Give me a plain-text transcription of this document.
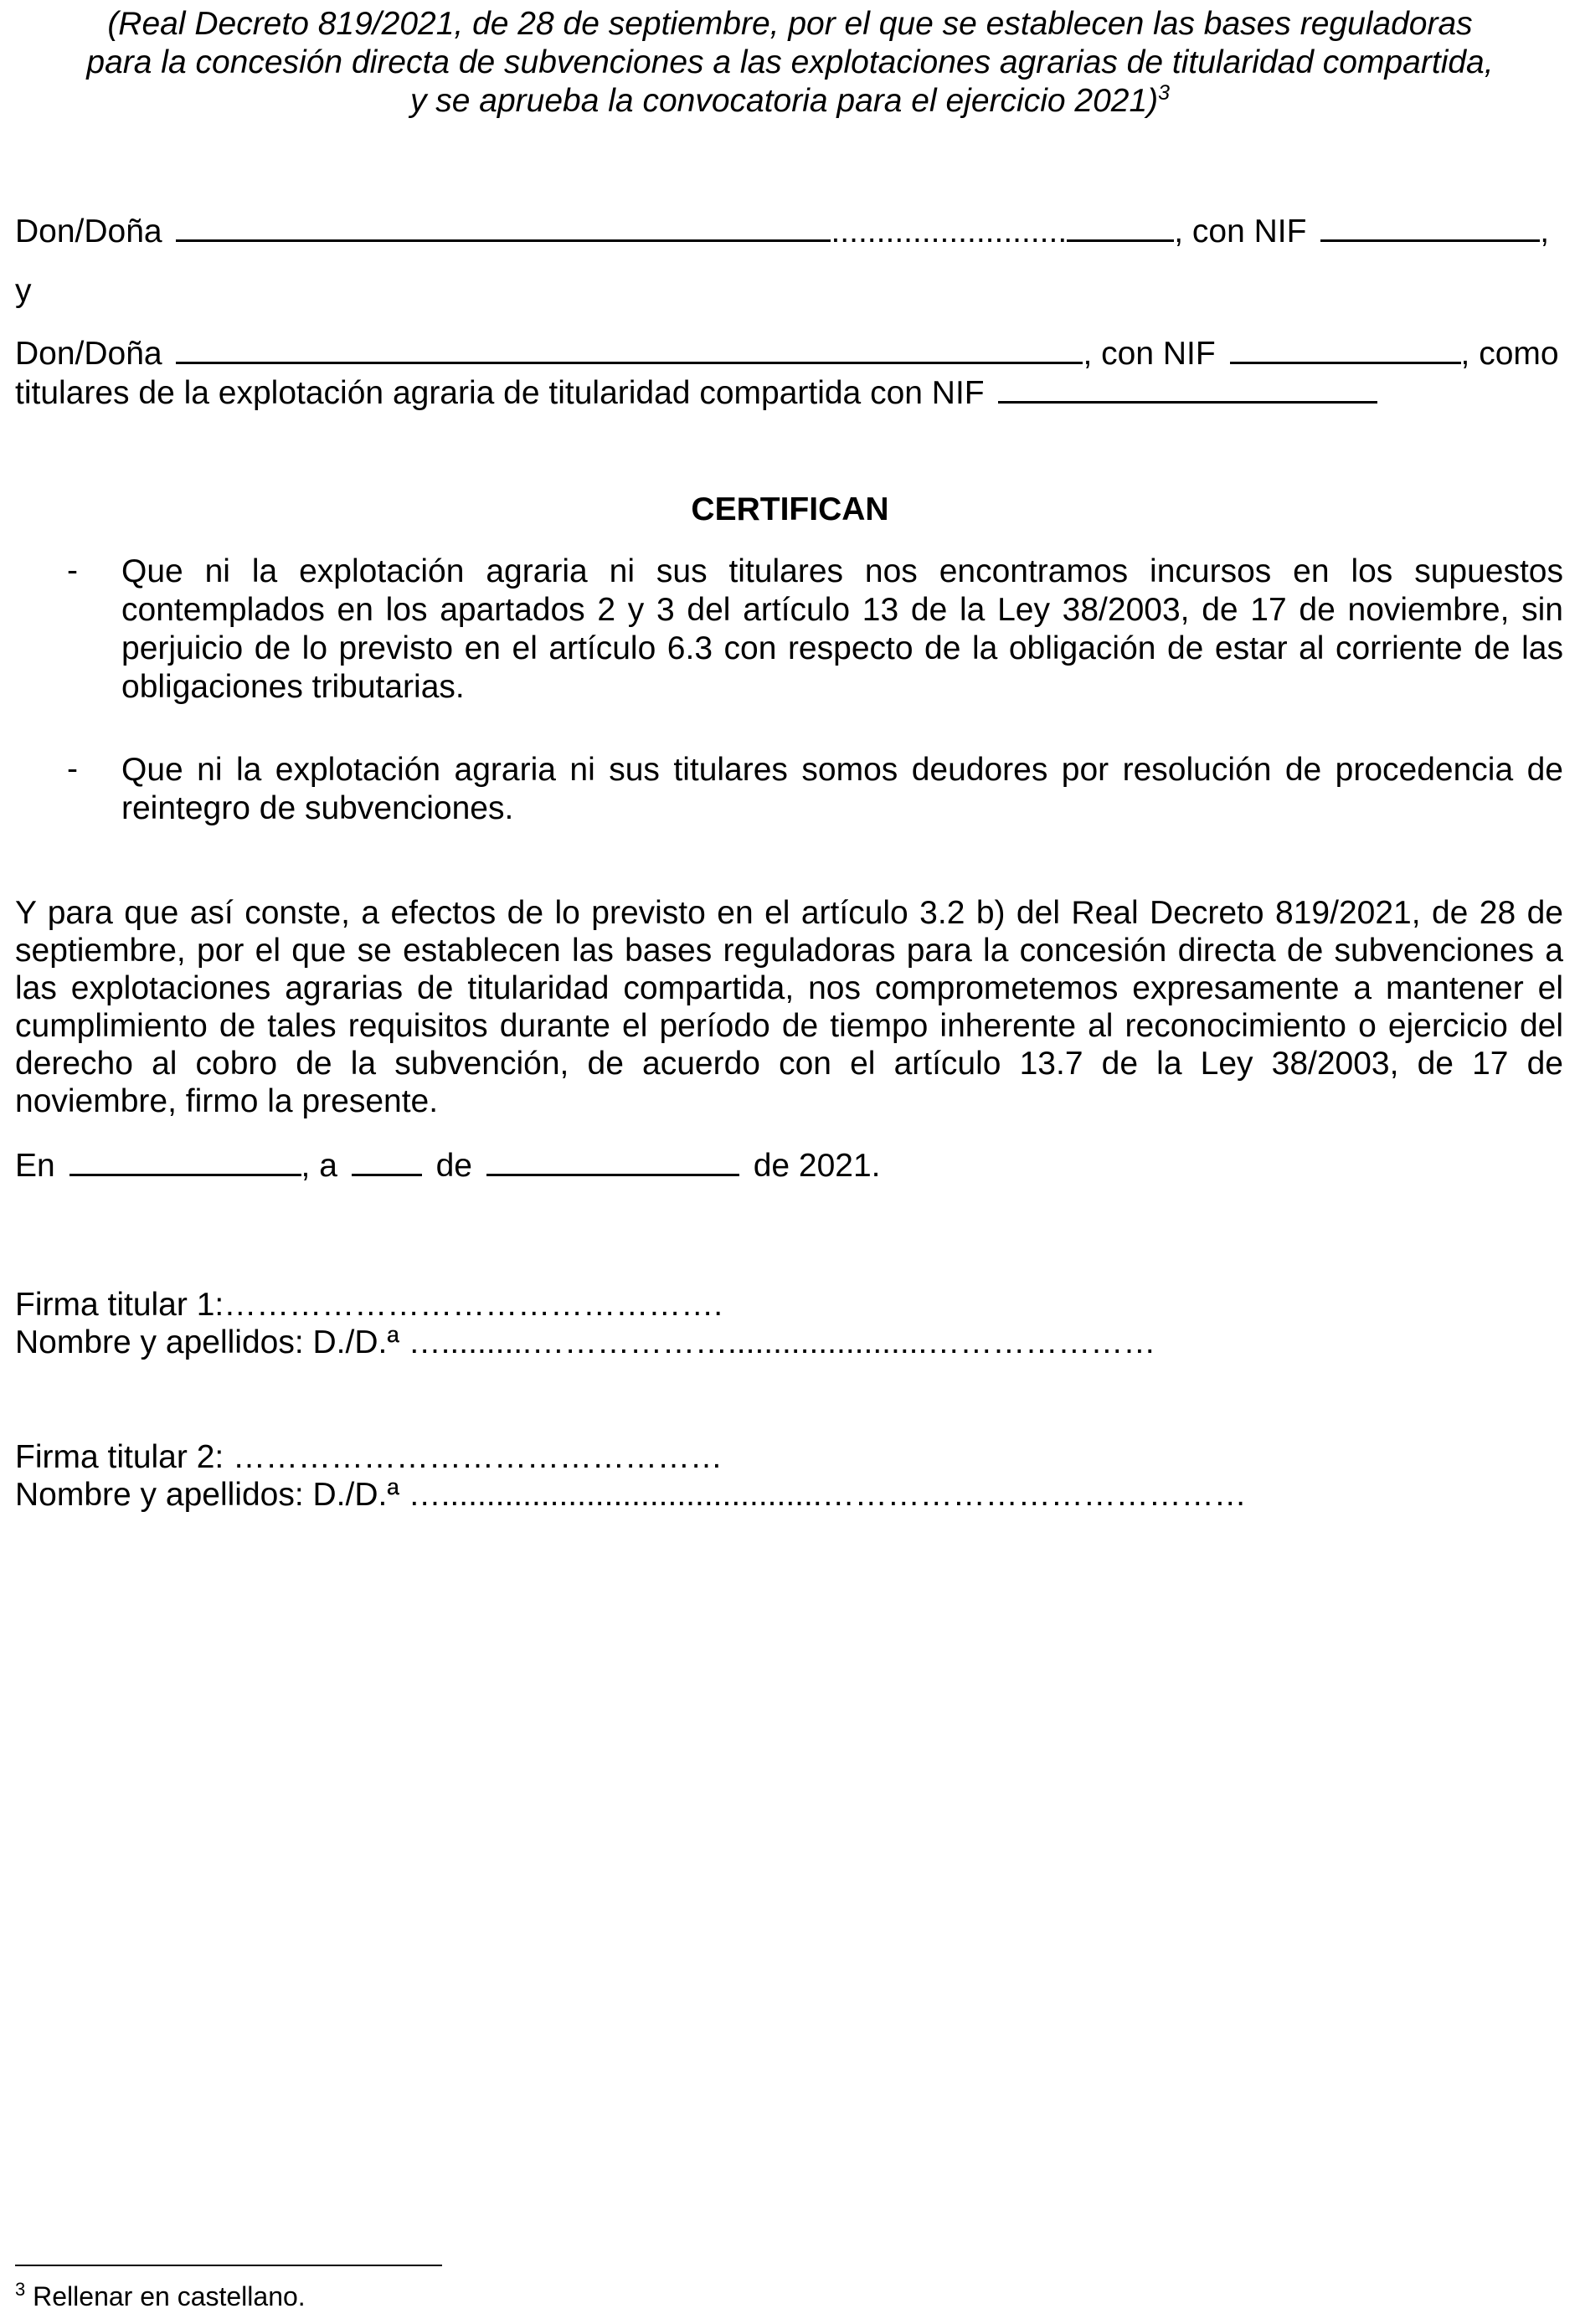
(Real Decreto 819/2021, de 28 de septiembre, por el que se establecen las bases reguladoras
para la concesión directa de subvenciones a las explotaciones agrarias de titularidad compartida,
y se aprueba la convocatoria para el ejercicio 2021)$^3$
Don/Doña	..........................	, con NIF	,
y
Don/Doña	, con NIF	, como
titulares de la explotación agraria de titularidad compartida con NIF
CERTIFICAN
- Que ni la explotación agraria ni sus titulares nos encontramos incursos en los supuestos contemplados en los apartados 2 y 3 del artículo 13 de la Ley 38/2003, de 17 de noviembre, sin perjuicio de lo previsto en el artículo 6.3 con respecto de la obligación de estar al corriente de las obligaciones tributarias.
- Que ni la explotación agraria ni sus titulares somos deudores por resolución de procedencia de reintegro de subvenciones.
Y para que así conste, a efectos de lo previsto en el artículo 3.2 b) del Real Decreto 819/2021, de 28 de septiembre, por el que se establecen las bases reguladoras para la concesión directa de subvenciones a las explotaciones agrarias de titularidad compartida, nos comprometemos expresamente a mantener el cumplimiento de tales requisitos durante el período de tiempo inherente al reconocimiento o ejercicio del derecho al cobro de la subvención, de acuerdo con el artículo 13.7 de la Ley 38/2003, de 17 de noviembre, firmo la presente.
En	, a	de	de 2021.
Firma titular 1:……………………………………….
Nombre y apellidos: D./D.ª …..........………………......................…………………
Firma titular 2: ………………………………………
Nombre y apellidos: D./D.ª …..........................................…………………………………
$^3$ Rellenar en castellano.
